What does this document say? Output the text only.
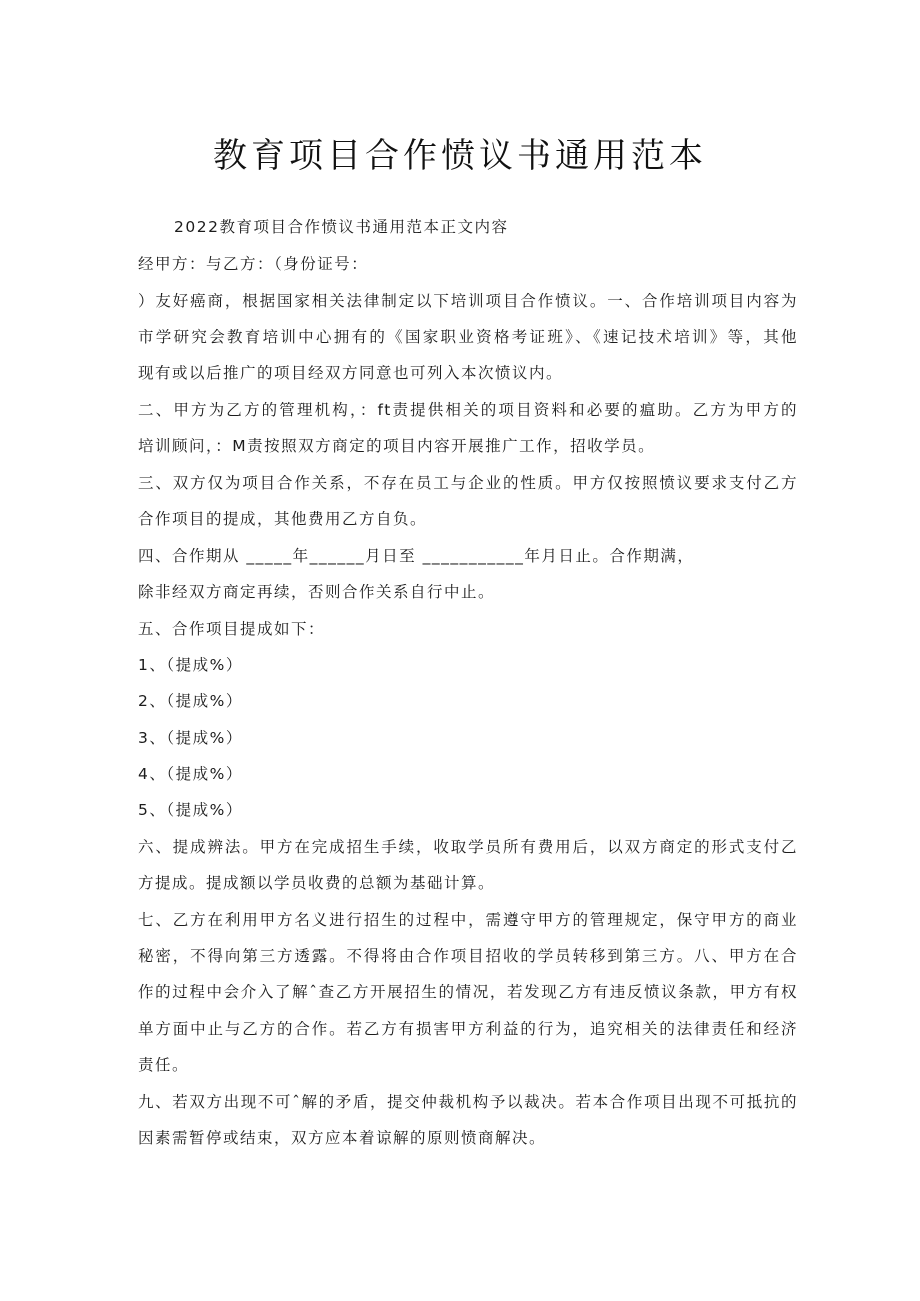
教育项目合作愤议书通用范本
2022教育项目合作愤议书通用范本正文内容
经甲方：与乙方：（身份证号：
）友好癌商，根据国家相关法律制定以下培训项目合作愤议。一、合作培训项目内容为
市学研究会教育培训中心拥有的《国家职业资格考证班》、《速记技术培训》等，其他
现有或以后推广的项目经双方同意也可列入本次愤议内。
二、甲方为乙方的管理机构，：ft责提供相关的项目资料和必要的瘟助。乙方为甲方的
培训顾问，：M责按照双方商定的项目内容开展推广工作，招收学员。
三、双方仅为项目合作关系，不存在员工与企业的性质。甲方仅按照愤议要求支付乙方
合作项目的提成，其他费用乙方自负。
四、合作期从 _____年______月日至 ___________年月日止。合作期满，
除非经双方商定再续，否则合作关系自行中止。
五、合作项目提成如下：
1、（提成%）
2、（提成%）
3、（提成%）
4、（提成%）
5、（提成%）
六、提成辨法。甲方在完成招生手续，收取学员所有费用后，以双方商定的形式支付乙
方提成。提成额以学员收费的总额为基础计算。
七、乙方在利用甲方名义进行招生的过程中，需遵守甲方的管理规定，保守甲方的商业
秘密，不得向第三方透露。不得将由合作项目招收的学员转移到第三方。八、甲方在合
作的过程中会介入了解ˆ查乙方开展招生的情况，若发现乙方有违反愤议条款，甲方有权
单方面中止与乙方的合作。若乙方有损害甲方利益的行为，追究相关的法律责任和经济
责任。
九、若双方出现不可ˆ解的矛盾，提交仲裁机构予以裁决。若本合作项目出现不可抵抗的
因素需暂停或结束，双方应本着谅解的原则愤商解决。
